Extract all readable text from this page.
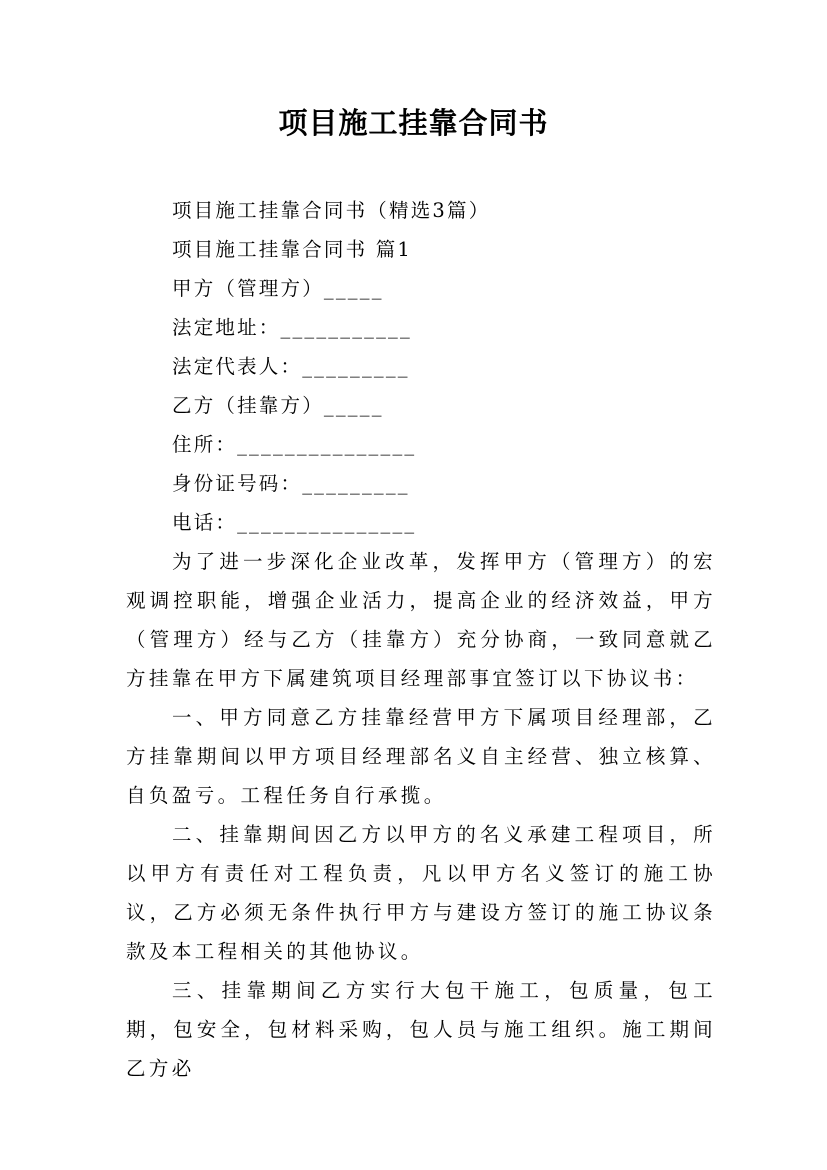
项目施工挂靠合同书
项目施工挂靠合同书（精选3篇）
项目施工挂靠合同书 篇1
甲方（管理方）_____
法定地址：___________
法定代表人：_________
乙方（挂靠方）_____
住所：_______________
身份证号码：_________
电话：_______________

为了进一步深化企业改革，发挥甲方（管理方）的宏观调控职能，增强企业活力，提高企业的经济效益，甲方（管理方）经与乙方（挂靠方）充分协商，一致同意就乙方挂靠在甲方下属建筑项目经理部事宜签订以下协议书：

一、甲方同意乙方挂靠经营甲方下属项目经理部，乙方挂靠期间以甲方项目经理部名义自主经营、独立核算、自负盈亏。工程任务自行承揽。

二、挂靠期间因乙方以甲方的名义承建工程项目，所以甲方有责任对工程负责，凡以甲方名义签订的施工协议，乙方必须无条件执行甲方与建设方签订的施工协议条款及本工程相关的其他协议。

三、挂靠期间乙方实行大包干施工，包质量，包工期，包安全，包材料采购，包人员与施工组织。施工期间乙方必
